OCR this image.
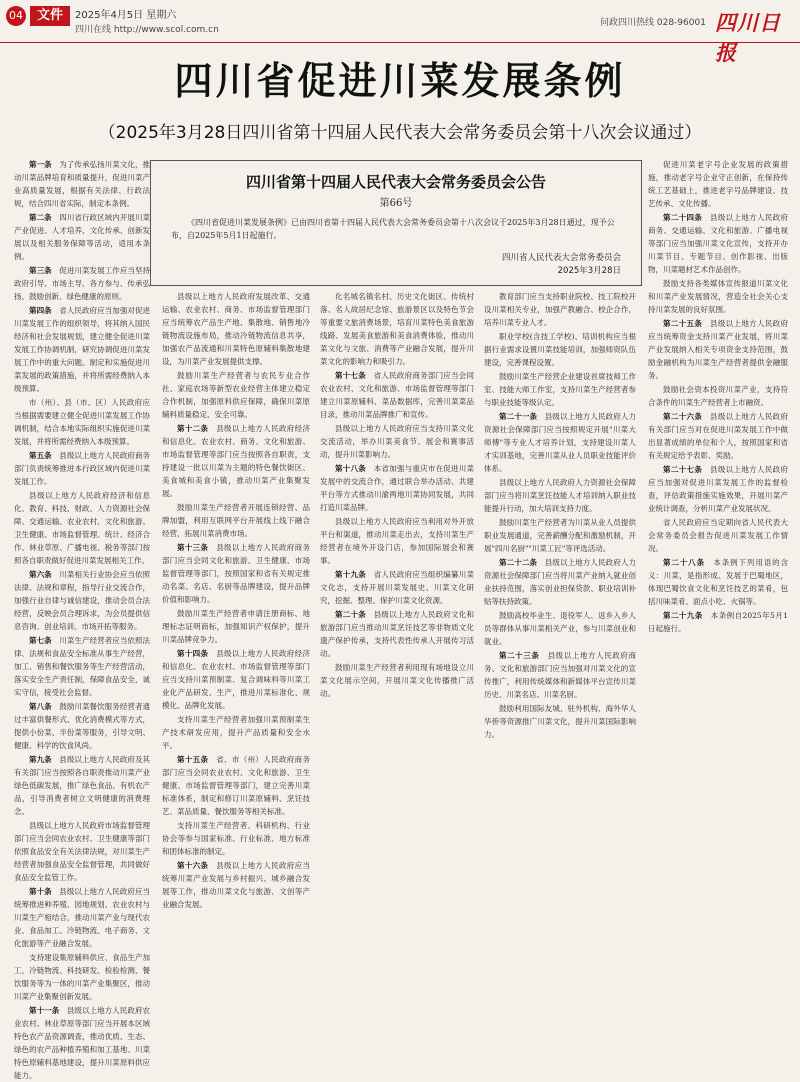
04	文件	2025年4月5日 星期六
四川在线 http://www.scol.com.cn
问政四川热线 028-96001 四川日报
四川省促进川菜发展条例
（2025年3月28日四川省第十四届人民代表大会常务委员会第十八次会议通过）

第一条　为了传承弘扬川菜文化，推动川菜品牌培育和质量提升，促进川菜产业高质量发展，根据有关法律、行政法规，结合四川省实际，制定本条例。

第二条　四川省行政区域内开展川菜产业促进、人才培养、文化传承、创新发展以及相关服务保障等活动，适用本条例。

第三条　促进川菜发展工作应当坚持政府引导、市场主导、各方参与、传承弘扬、鼓励创新、绿色健康的原则。

第四条　省人民政府应当加强对促进川菜发展工作的组织领导，将其纳入国民经济和社会发展规划，建立健全促进川菜发展工作协调机制，研究协调促进川菜发展工作中的重大问题。制定和实施促进川菜发展的政策措施，并将所需经费纳入本级预算。

市（州）、县（市、区）人民政府应当根据需要建立健全促进川菜发展工作协调机制，结合本地实际组织实施促进川菜发展，并将所需经费纳入本级预算。

第五条　县级以上地方人民政府商务部门负责统筹推进本行政区域内促进川菜发展工作。

县级以上地方人民政府经济和信息化、教育、科技、财政、人力资源社会保障、交通运输、农业农村、文化和旅游、卫生健康、市场监督管理、统计、经济合作、林业草原、广播电视、税务等部门按照各自职责做好促进川菜发展相关工作。

第六条　川菜相关行业协会应当依照法律、法规和章程，指导行业交流合作，加强行业自律与诚信建设，推动会员合法经营，反映会员合理诉求，为会员提供信息咨询、创业培训、市场开拓等服务。

第七条　川菜生产经营者应当依照法律、法规和食品安全标准从事生产经营，加工、销售和餐饮服务等生产经营活动，落实安全生产责任制，保障食品安全，诚实守信，接受社会监督。

第八条　鼓励川菜餐饮服务经营者通过丰富供餐形式、优化消费模式等方式，提供小份菜、半份菜等服务，引导文明、健康、科学的饮食风尚。

第九条　县级以上地方人民政府及其有关部门应当按照各自职责推动川菜产业绿色低碳发展，推广绿色食品、有机农产品，引导消费者树立文明健康的消费理念。

县级以上地方人民政府市场监督管理部门应当会同农业农村、卫生健康等部门依照食品安全有关法律法规，对川菜生产经营者加强食品安全监督管理，共同做好食品安全监管工作。

第十条　县级以上地方人民政府应当统筹推进种养殖、园地规划、农业农村与川菜生产相结合，推动川菜产业与现代农业、食品加工、冷链物流、电子商务、文化旅游等产业融合发展。

支持建设集原辅料供应、食品生产加工、冷链物流、科技研发、检验检测、餐饮服务等为一体的川菜产业集聚区，推动川菜产业集聚创新发展。

第十一条　县级以上地方人民政府农业农村、林业草原等部门应当开展本区域特色农产品资源调查，推动优质、生态、绿色的农产品种植养殖和加工基地、川菜特色原辅料基地建设，提升川菜原料供应能力。

县级以上地方人民政府发展改革、交通运输、农业农村、商务、市场监督管理部门应当统筹农产品生产地、集散地、销售地冷链物流设施布局，推动冷链物流信息共享，加强农产品流通和川菜特色原辅料集散地建设，为川菜产业发展提供支撑。

鼓励川菜生产经营者与农民专业合作社、家庭农场等新型农业经营主体建立稳定合作机制，加强原料供应保障，确保川菜原辅料质量稳定、安全可靠。

第十二条　县级以上地方人民政府经济和信息化、农业农村、商务、文化和旅游、市场监督管理等部门应当按照各自职责，支持建设一批以川菜为主题的特色餐饮街区、美食城和美食小镇，推动川菜产业集聚发展。

鼓励川菜生产经营者开展连锁经营、品牌加盟，利用互联网平台开展线上线下融合经营，拓展川菜消费市场。

第十三条　县级以上地方人民政府商务部门应当会同文化和旅游、卫生健康、市场监督管理等部门，按照国家和省有关规定推动名菜、名店、名厨等品牌建设，提升品牌价值和影响力。

鼓励川菜生产经营者申请注册商标、地理标志证明商标，加强知识产权保护，提升川菜品牌竞争力。

第十四条　县级以上地方人民政府经济和信息化、农业农村、市场监督管理等部门应当支持川菜预制菜、复合调味料等川菜工业化产品研发、生产，推进川菜标准化、规模化、品牌化发展。

支持川菜生产经营者加强川菜预制菜生产技术研发应用，提升产品质量和安全水平。

第十五条　省、市（州）人民政府商务部门应当会同农业农村、文化和旅游、卫生健康、市场监督管理等部门，建立完善川菜标准体系，制定和修订川菜原辅料、烹饪技艺、菜品质量、餐饮服务等相关标准。

支持川菜生产经营者、科研机构、行业协会等参与国家标准、行业标准、地方标准和团体标准的制定。

第十六条　县级以上地方人民政府应当统筹川菜产业发展与乡村振兴、城乡融合发展等工作，推动川菜文化与旅游、文创等产业融合发展。

化名城名镇名村、历史文化街区、传统村落、名人故居纪念馆、旅游景区以及特色节会等重要文旅消费场景，培育川菜特色美食旅游线路、发展美食旅游和美食消费体验，推动川菜文化与文旅、消费等产业融合发展，提升川菜文化的影响力和吸引力。

第十七条　省人民政府商务部门应当会同农业农村、文化和旅游、市场监督管理等部门建立川菜原辅料、菜品数据库，完善川菜菜品目录，推动川菜品牌推广和宣传。

县级以上地方人民政府应当支持川菜文化交流活动，举办川菜美食节、展会和赛事活动，提升川菜影响力。

第十八条　本省加强与重庆市在促进川菜发展中的交流合作，通过联合举办活动、共建平台等方式推动川渝两地川菜协同发展，共同打造川菜品牌。

县级以上地方人民政府应当利用对外开放平台和渠道，推动川菜走出去，支持川菜生产经营者在境外开设门店，参加国际展会和赛事。

第十九条　省人民政府应当组织编纂川菜文化志，支持开展川菜发展史、川菜文化研究，挖掘、整理、保护川菜文化资源。

第二十条　县级以上地方人民政府文化和旅游部门应当推动川菜烹饪技艺等非物质文化遗产保护传承，支持代表性传承人开展传习活动。

鼓励川菜生产经营者利用现有场地设立川菜文化展示空间，开展川菜文化传播推广活动。

教育部门应当支持职业院校、技工院校开设川菜相关专业，加强产教融合、校企合作，培养川菜专业人才。

职业学校(含技工学校)、培训机构应当根据行业需求设置川菜技能培训，加强师资队伍建设，完善课程设置。

鼓励川菜生产经营企业建设首席技师工作室、技能大师工作室，支持川菜生产经营者参与职业技能等级认定。

第二十一条　县级以上地方人民政府人力资源社会保障部门应当按照规定开展"川菜大师傅"等专业人才培养计划，支持建设川菜人才实训基地，完善川菜从业人员职业技能评价体系。

县级以上地方人民政府人力资源社会保障部门应当将川菜烹饪技能人才培训纳入职业技能提升行动，加大培训支持力度。

鼓励川菜生产经营者为川菜从业人员提供职业发展通道，完善薪酬分配和激励机制，开展"四川名厨""川菜工匠"等评选活动。

第二十二条　县级以上地方人民政府人力资源社会保障部门应当将川菜产业纳入就业创业扶持范围，落实创业担保贷款、职业培训补贴等扶持政策。

鼓励高校毕业生、退役军人、返乡入乡人员等群体从事川菜相关产业，参与川菜创业和就业。

第二十三条　县级以上地方人民政府商务、文化和旅游部门应当加强对川菜文化的宣传推广，利用传统媒体和新媒体平台宣传川菜历史、川菜名店、川菜名厨。

鼓励利用国际友城、驻外机构、海外华人华侨等资源推广川菜文化，提升川菜国际影响力。

促进川菜老字号企业发展的政策措施，推动老字号企业守正创新，在保持传统工艺基础上，推进老字号品牌建设、技艺传承、文化传播。

第二十四条　县级以上地方人民政府商务、交通运输、文化和旅游、广播电视等部门应当加强川菜文化宣传，支持开办川菜节目、专题节目、创作影视、出版物，川菜题材艺术作品创作。

鼓励支持各类媒体宣传报道川菜文化和川菜产业发展情况，营造全社会关心支持川菜发展的良好氛围。

第二十五条　县级以上地方人民政府应当统筹资金支持川菜产业发展，将川菜产业发展纳入相关专项资金支持范围，鼓励金融机构为川菜生产经营者提供金融服务。

鼓励社会资本投资川菜产业，支持符合条件的川菜生产经营者上市融资。

第二十六条　县级以上地方人民政府有关部门应当对在促进川菜发展工作中做出显著成绩的单位和个人，按照国家和省有关规定给予表彰、奖励。

第二十七条　县级以上地方人民政府应当加强对促进川菜发展工作的监督检查，评估政策措施实施效果，开展川菜产业统计调查，分析川菜产业发展状况。

省人民政府应当定期向省人民代表大会常务委员会报告促进川菜发展工作情况。

第二十八条　本条例下列用语的含义：川菜，是指形成、发展于巴蜀地区，体现巴蜀饮食文化和烹饪技艺的菜肴，包括川味菜肴、面点小吃、火锅等。

第二十九条　本条例自2025年5月1日起施行。

四川省第十四届人民代表大会常务委员会公告
第66号
《四川省促进川菜发展条例》已由四川省第十四届人民代表大会常务委员会第十八次会议于2025年3月28日通过，现予公布，自2025年5月1日起施行。
四川省人民代表大会常务委员会
2025年3月28日
